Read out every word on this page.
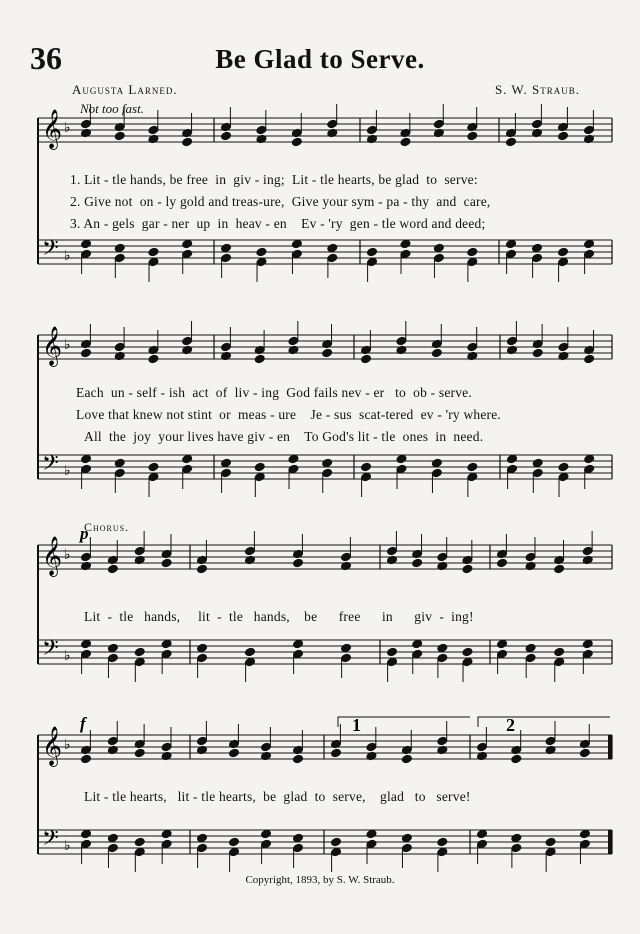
36	Be Glad to Serve.
Augusta Larned.	S. W. Straub.
Not too fast.
𝄞
𝄢
♭
♭
𝄞
𝄢
♭
♭
𝄞
𝄢
♭
♭
p
𝄞
𝄢
♭
♭
f	1	2
1. Lit - tle hands, be free  in  giv - ing;  Lit - tle hearts, be glad  to  serve:
2. Give not  on - ly gold and treas-ure,  Give your sym - pa - thy  and  care,
3. An - gels  gar - ner  up  in  heav - en    Ev - 'ry  gen - tle word and deed;
Each  un - self - ish  act  of  liv - ing  God fails nev - er   to  ob - serve.
Love that knew not stint  or  meas - ure    Je - sus  scat-tered  ev - 'ry where.
All  the  joy  your lives have giv - en    To God's lit - tle  ones  in  need.
Chorus.
Lit  -  tle   hands,     lit  -  tle   hands,    be      free      in      giv  -  ing!
Lit - tle hearts,   lit - tle hearts,  be  glad  to  serve,    glad   to   serve!
Copyright, 1893, by S. W. Straub.
